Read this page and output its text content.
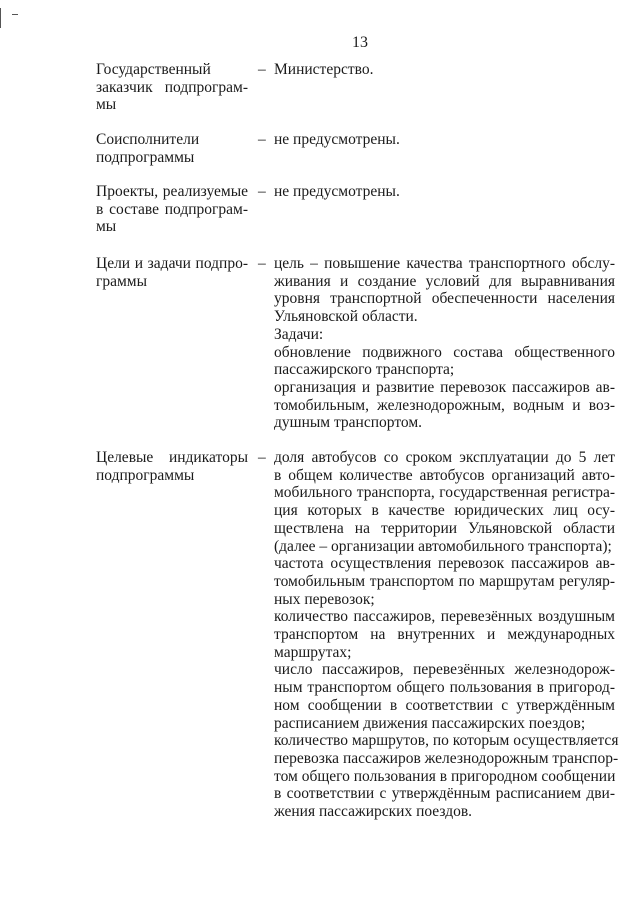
13
Государственный
заказчик подпрограм-
мы
– Министерство.
Соисполнители
подпрограммы
– не предусмотрены.
Проекты, реализуемые
в составе подпрограм-
мы
– не предусмотрены.
Цели и задачи подпро-
граммы
– цель – повышение качества транспортного обслу-
живания и создание условий для выравнивания
уровня транспортной обеспеченности населения
Ульяновской области.
Задачи:
обновление подвижного состава общественного
пассажирского транспорта;
организация и развитие перевозок пассажиров ав-
томобильным, железнодорожным, водным и воз-
душным транспортом.
Целевые индикаторы
подпрограммы
– доля автобусов со сроком эксплуатации до 5 лет
в общем количестве автобусов организаций авто-
мобильного транспорта, государственная регистра-
ция которых в качестве юридических лиц осу-
ществлена на территории Ульяновской области
(далее – организации автомобильного транспорта);
частота осуществления перевозок пассажиров ав-
томобильным транспортом по маршрутам регуляр-
ных перевозок;
количество пассажиров, перевезённых воздушным
транспортом на внутренних и международных
маршрутах;
число пассажиров, перевезённых железнодорож-
ным транспортом общего пользования в пригород-
ном сообщении в соответствии с утверждённым
расписанием движения пассажирских поездов;
количество маршрутов, по которым осуществляется
перевозка пассажиров железнодорожным транспор-
том общего пользования в пригородном сообщении
в соответствии с утверждённым расписанием дви-
жения пассажирских поездов.
